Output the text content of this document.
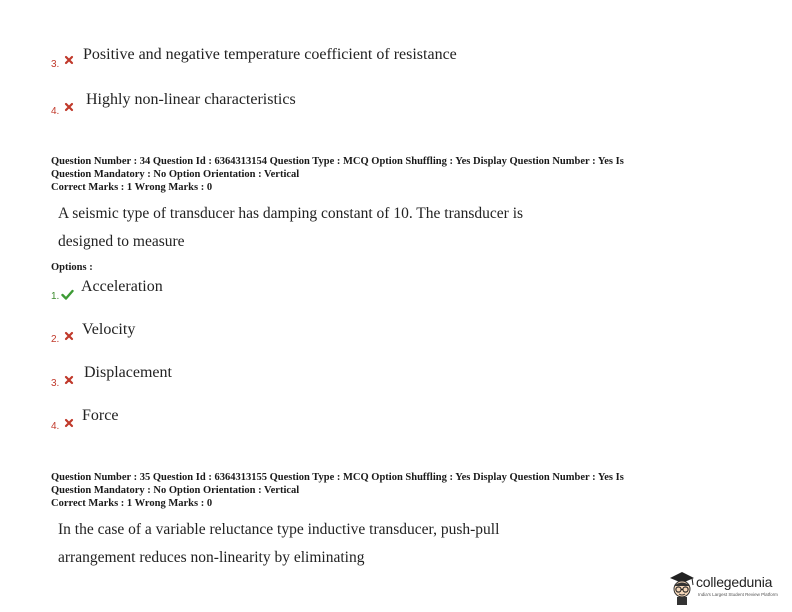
3.
Positive and negative temperature coefficient of resistance
4.
Highly non-linear characteristics
Question Number : 34 Question Id : 6364313154 Question Type : MCQ Option Shuffling : Yes Display Question Number : Yes Is
Question Mandatory : No Option Orientation : Vertical
Correct Marks : 1 Wrong Marks : 0
A seismic type of transducer has damping constant of 10. The transducer is
designed to measure
Options :
1.
Acceleration
2.
Velocity
3.
Displacement
4.
Force
Question Number : 35 Question Id : 6364313155 Question Type : MCQ Option Shuffling : Yes Display Question Number : Yes Is
Question Mandatory : No Option Orientation : Vertical
Correct Marks : 1 Wrong Marks : 0
In the case of a variable reluctance type inductive transducer, push-pull
arrangement reduces non-linearity by eliminating
collegedunia
India's Largest Student Review Platform
